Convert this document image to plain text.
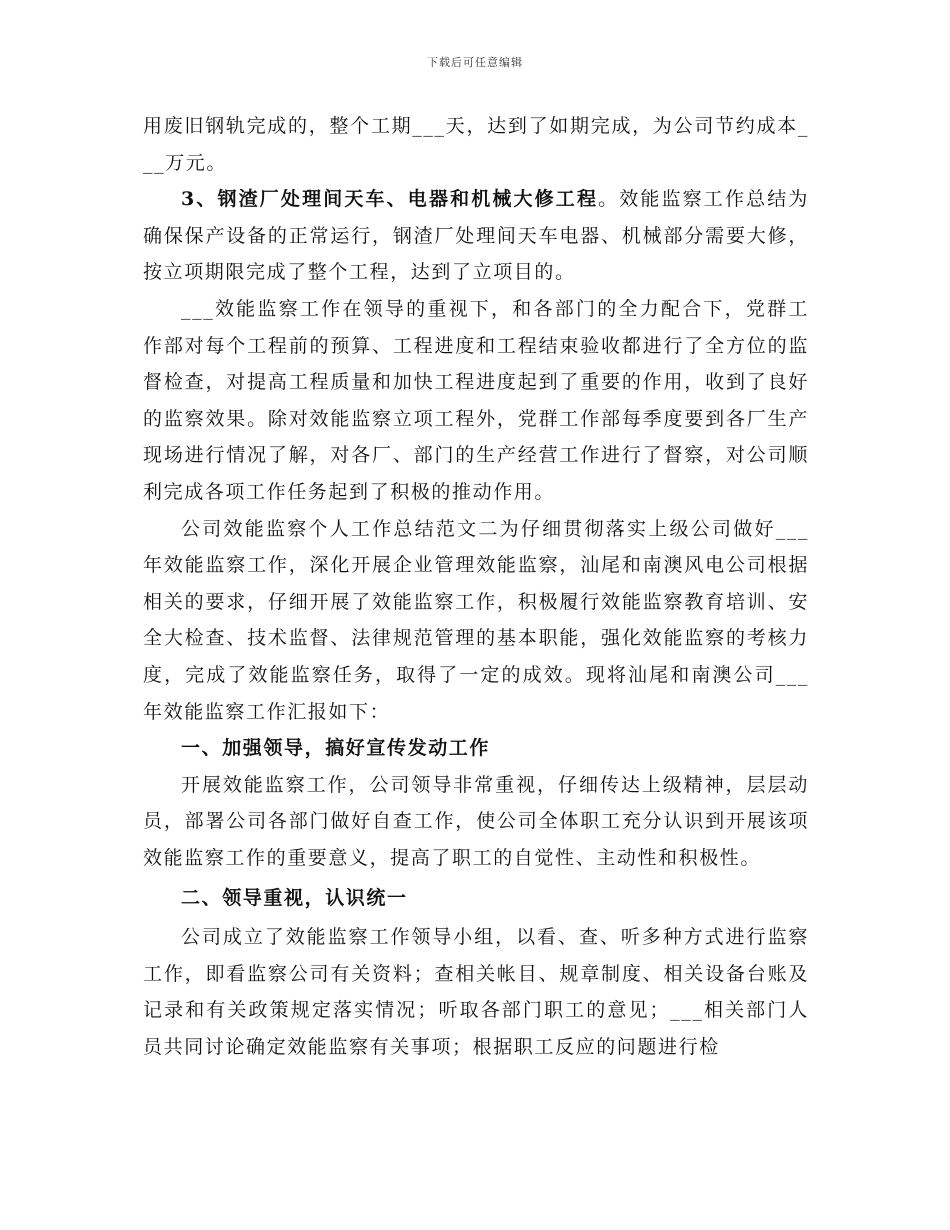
下载后可任意编辑

用废旧钢轨完成的，整个工期___天，达到了如期完成，为公司节约成本___万元。

3、钢渣厂处理间天车、电器和机械大修工程。效能监察工作总结为确保保产设备的正常运行，钢渣厂处理间天车电器、机械部分需要大修，按立项期限完成了整个工程，达到了立项目的。

___效能监察工作在领导的重视下，和各部门的全力配合下，党群工作部对每个工程前的预算、工程进度和工程结束验收都进行了全方位的监督检查，对提高工程质量和加快工程进度起到了重要的作用，收到了良好的监察效果。除对效能监察立项工程外，党群工作部每季度要到各厂生产现场进行情况了解，对各厂、部门的生产经营工作进行了督察，对公司顺利完成各项工作任务起到了积极的推动作用。

公司效能监察个人工作总结范文二为仔细贯彻落实上级公司做好___年效能监察工作，深化开展企业管理效能监察，汕尾和南澳风电公司根据相关的要求，仔细开展了效能监察工作，积极履行效能监察教育培训、安全大检查、技术监督、法律规范管理的基本职能，强化效能监察的考核力度，完成了效能监察任务，取得了一定的成效。现将汕尾和南澳公司___年效能监察工作汇报如下：

一、加强领导，搞好宣传发动工作

开展效能监察工作，公司领导非常重视，仔细传达上级精神，层层动员，部署公司各部门做好自查工作，使公司全体职工充分认识到开展该项效能监察工作的重要意义，提高了职工的自觉性、主动性和积极性。

二、领导重视，认识统一

公司成立了效能监察工作领导小组，以看、查、听多种方式进行监察工作，即看监察公司有关资料；查相关帐目、规章制度、相关设备台账及记录和有关政策规定落实情况；听取各部门职工的意见；___相关部门人员共同讨论确定效能监察有关事项；根据职工反应的问题进行检
